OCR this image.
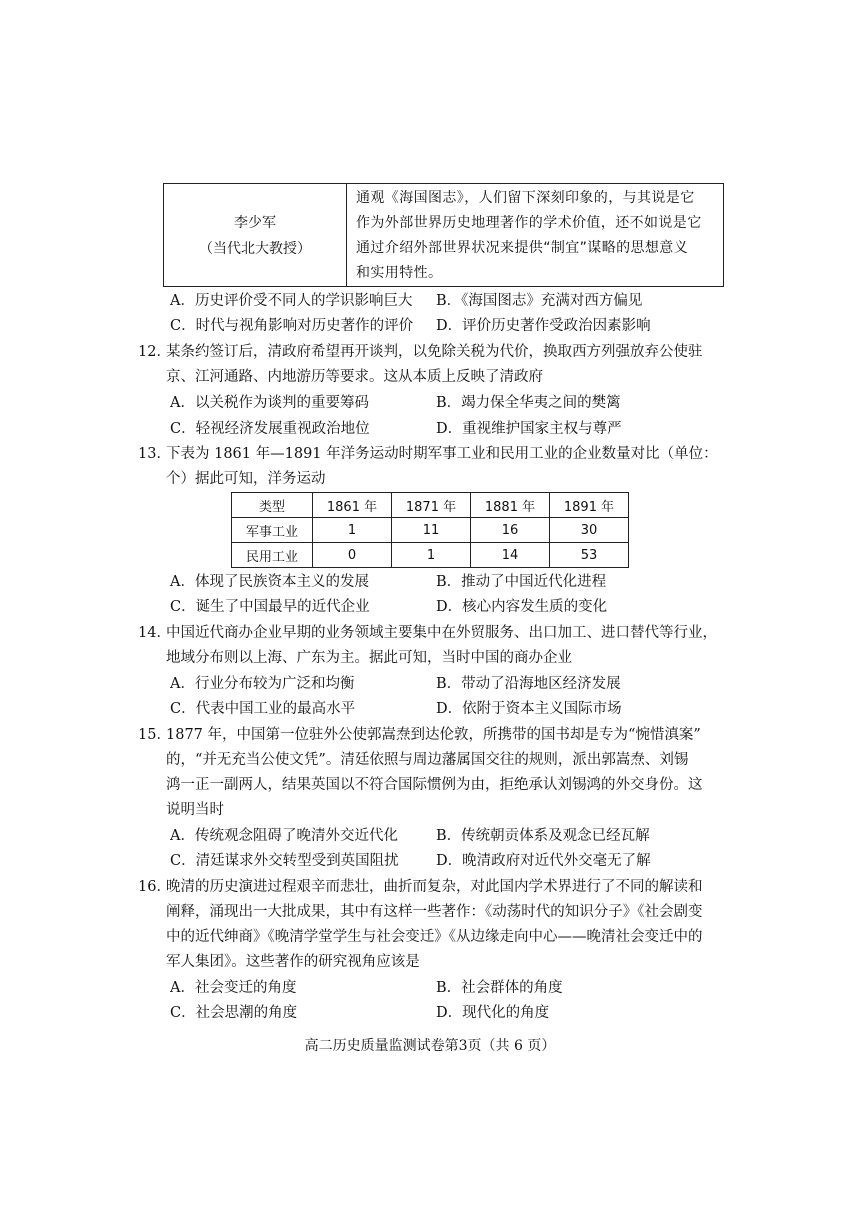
李少军
（当代北大教授）
通观《海国图志》，人们留下深刻印象的，与其说是它
作为外部世界历史地理著作的学术价值，还不如说是它
通过介绍外部世界状况来提供“制宜”谋略的思想意义
和实用特性。
A．历史评价受不同人的学识影响巨大 B．《海国图志》充满对西方偏见
C．时代与视角影响对历史著作的评价 D．评价历史著作受政治因素影响
12．
某条约签订后，清政府希望再开谈判，以免除关税为代价，换取西方列强放弃公使驻
京、江河通路、内地游历等要求。这从本质上反映了清政府
A．以关税作为谈判的重要筹码	B．竭力保全华夷之间的樊篱
C．轻视经济发展重视政治地位	D．重视维护国家主权与尊严
13．
下表为 1861 年—1891 年洋务运动时期军事工业和民用工业的企业数量对比（单位：
个）据此可知，洋务运动
类型	1861 年	1871 年	1881 年	1891 年
军事工业	1	11	16	30
民用工业	0	1	14	53
A．体现了民族资本主义的发展	B．推动了中国近代化进程
C．诞生了中国最早的近代企业	D．核心内容发生质的变化
14．
中国近代商办企业早期的业务领域主要集中在外贸服务、出口加工、进口替代等行业，
地域分布则以上海、广东为主。据此可知，当时中国的商办企业
A．行业分布较为广泛和均衡	B．带动了沿海地区经济发展
C．代表中国工业的最高水平	D．依附于资本主义国际市场
15．
1877 年，中国第一位驻外公使郭嵩焘到达伦敦，所携带的国书却是专为“惋惜滇案”
的，“并无充当公使文凭”。清廷依照与周边藩属国交往的规则，派出郭嵩焘、刘锡
鸿一正一副两人，结果英国以不符合国际惯例为由，拒绝承认刘锡鸿的外交身份。这
说明当时
A．传统观念阻碍了晚清外交近代化	B．传统朝贡体系及观念已经瓦解
C．清廷谋求外交转型受到英国阻扰	D．晚清政府对近代外交毫无了解
16．
晚清的历史演进过程艰辛而悲壮，曲折而复杂，对此国内学术界进行了不同的解读和
阐释，涌现出一大批成果，其中有这样一些著作：《动荡时代的知识分子》《社会剧变
中的近代绅商》《晚清学堂学生与社会变迁》《从边缘走向中心——晚清社会变迁中的
军人集团》。这些著作的研究视角应该是
A．社会变迁的角度	B．社会群体的角度
C．社会思潮的角度	D．现代化的角度
高二历史质量监测试卷第3页（共 6 页）
